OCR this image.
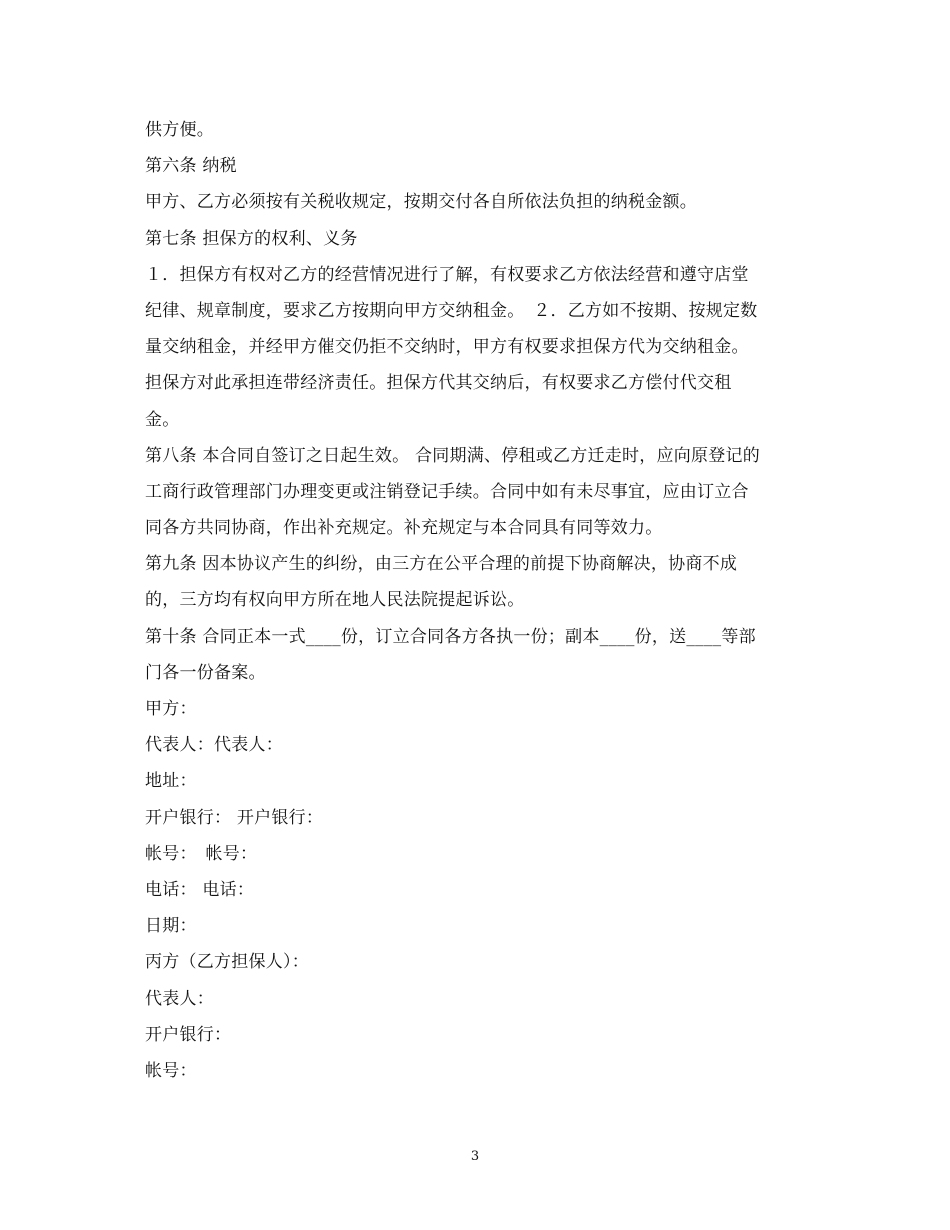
供方便。
第六条 纳税
甲方、乙方必须按有关税收规定，按期交付各自所依法负担的纳税金额。
第七条 担保方的权利、义务
１．担保方有权对乙方的经营情况进行了解，有权要求乙方依法经营和遵守店堂
纪律、规章制度，要求乙方按期向甲方交纳租金。　２．乙方如不按期、按规定数
量交纳租金，并经甲方催交仍拒不交纳时，甲方有权要求担保方代为交纳租金。
担保方对此承担连带经济责任。担保方代其交纳后，有权要求乙方偿付代交租
金。
第八条 本合同自签订之日起生效。 合同期满、停租或乙方迁走时，应向原登记的
工商行政管理部门办理变更或注销登记手续。合同中如有未尽事宜，应由订立合
同各方共同协商，作出补充规定。补充规定与本合同具有同等效力。
第九条 因本协议产生的纠纷，由三方在公平合理的前提下协商解决，协商不成
的，三方均有权向甲方所在地人民法院提起诉讼。
第十条 合同正本一式____份，订立合同各方各执一份；副本____份，送____等部
门各一份备案。
甲方：
代表人：代表人：
地址：
开户银行： 开户银行：
帐号：　帐号：
电话： 电话：
日期：
丙方（乙方担保人）：
代表人：
开户银行：
帐号：
3
